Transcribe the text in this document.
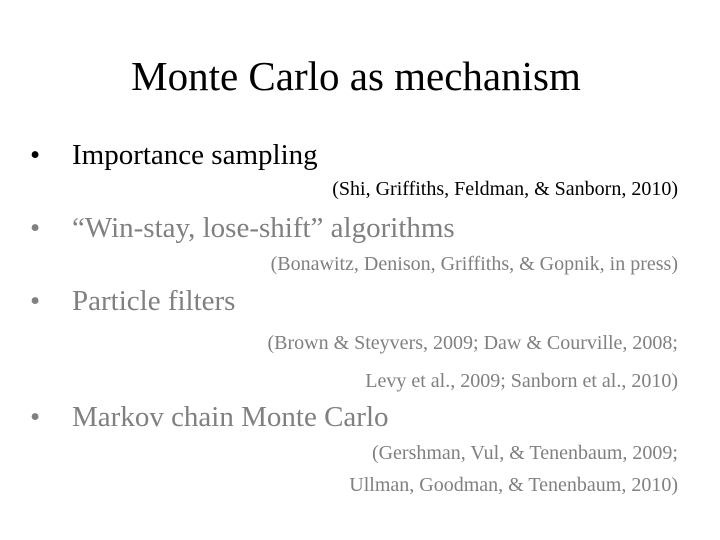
Monte Carlo as mechanism
• Importance sampling
(Shi, Griffiths, Feldman, & Sanborn, 2010)
• “Win-stay, lose-shift” algorithms
(Bonawitz, Denison, Griffiths, & Gopnik, in press)
• Particle filters
(Brown & Steyvers, 2009; Daw & Courville, 2008;
Levy et al., 2009; Sanborn et al., 2010)
• Markov chain Monte Carlo
(Gershman, Vul, & Tenenbaum, 2009;
Ullman, Goodman, & Tenenbaum, 2010)
